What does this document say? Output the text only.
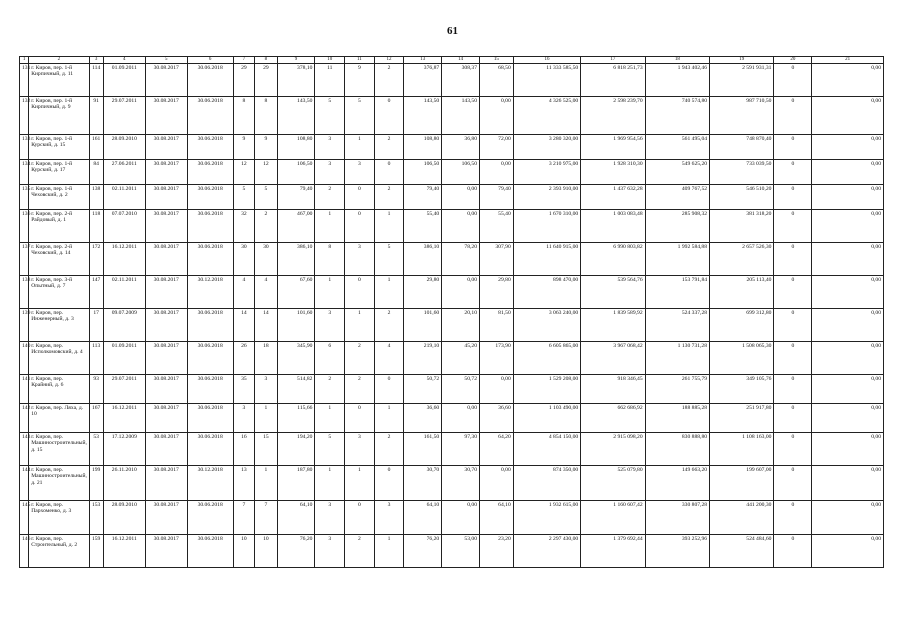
61
1	2	3	4	5	6	7	8	9	10	11	12	13	14	15	16	17	18	19	20	21
131	г. Киров, пер. 1-й Кирпичный, д. 11	114	01.09.2011	30.08.2017	30.06.2018	29	29	378,10	11	9	2	376,87	308,37	68,50	11 333 585,50	6 818 251,73	1 943 402,46	2 591 931,31	0	0,00
132	г. Киров, пер. 1-й Кирпичный, д. 9	91	29.07.2011	30.08.2017	30.06.2018	8	8	143,50	5	5	0	143,50	143,50	0,00	4 326 525,00	2 598 239,70	740 574,80	987 710,50	0	0,00
133	г. Киров, пер. 1-й Курский, д. 15	161	28.09.2010	30.08.2017	30.06.2018	9	9	108,80	3	1	2	108,80	36,80	72,00	3 280 320,00	1 969 954,56	561 495,04	748 870,40	0	0,00
134	г. Киров, пер. 1-й Курский, д. 17	84	27.06.2011	30.08.2017	30.06.2018	12	12	106,50	3	3	0	106,50	106,50	0,00	3 210 975,00	1 928 310,30	549 625,20	733 039,50	0	0,00
135	г. Киров, пер. 1-й Чеховский, д. 2	138	02.11.2011	30.08.2017	30.06.2018	5	5	79,40	2	0	2	79,40	0,00	79,40	2 393 910,00	1 437 632,28	409 767,52	546 510,20	0	0,00
136	г. Киров, пер. 2-й Райдовый, д. 1	118	07.07.2010	30.08.2017	30.06.2018	32	2	467,00	1	0	1	55,40	0,00	55,40	1 670 310,00	1 003 083,48	285 908,32	381 318,20	0	0,00
137	г. Киров, пер. 2-й Чеховский, д. 14	172	16.12.2011	30.08.2017	30.06.2018	30	30	386,10	8	3	5	386,10	78,20	307,90	11 640 915,00	6 990 803,82	1 992 584,88	2 657 526,30	0	0,00
138	г. Киров, пер. 3-й Опытный, д. 7	147	02.11.2011	30.08.2017	30.12.2018	4	4	67,60	1	0	1	29,80	0,00	29,80	898 470,00	539 564,76	153 791,84	205 113,40	0	0,00
139	г. Киров, пер. Инженерный, д. 3	17	09.07.2009	30.08.2017	30.06.2018	14	14	101,60	3	1	2	101,60	20,10	81,50	3 063 240,00	1 839 589,92	524 337,28	699 312,80	0	0,00
140	г. Киров, пер. Исполкомовский, д. 4	113	01.09.2011	30.08.2017	30.06.2018	26	18	345,90	6	2	4	219,10	45,20	173,90	6 605 865,00	3 967 068,42	1 130 731,28	1 508 065,30	0	0,00
141	г. Киров, пер. Крайний, д. 6	93	29.07.2011	30.08.2017	30.06.2018	35	3	514,82	2	2	0	50,72	50,72	0,00	1 529 208,00	918 346,45	261 755,79	349 105,76	0	0,00
142	г. Киров, пер. Ляха, д. 10	167	16.12.2011	30.08.2017	30.06.2018	3	1	115,66	1	0	1	36,60	0,00	36,60	1 103 490,00	662 686,92	188 885,28	251 917,80	0	0,00
143	г. Киров, пер. Машиностроительный, д. 15	53	17.12.2009	30.08.2017	30.06.2018	16	15	194,20	5	3	2	161,50	97,30	64,20	4 854 150,00	2 915 098,20	830 888,80	1 108 163,00	0	0,00
144	г. Киров, пер. Машиностроительный, д. 21	199	26.11.2010	30.08.2017	30.12.2018	13	1	187,80	1	1	0	30,70	30,70	0,00	874 350,00	525 079,80	149 663,20	199 607,00	0	0,00
145	г. Киров, пер. Пархоменко, д. 3	153	28.09.2010	30.08.2017	30.06.2018	7	7	64,10	3	0	3	64,10	0,00	64,10	1 932 615,00	1 160 607,42	330 807,28	441 200,30	0	0,00
146	г. Киров, пер. Строительный, д. 2	159	16.12.2011	30.08.2017	30.06.2018	10	10	76,20	3	2	1	76,20	53,00	23,20	2 297 430,00	1 379 692,44	393 252,96	524 484,60	0	0,00
